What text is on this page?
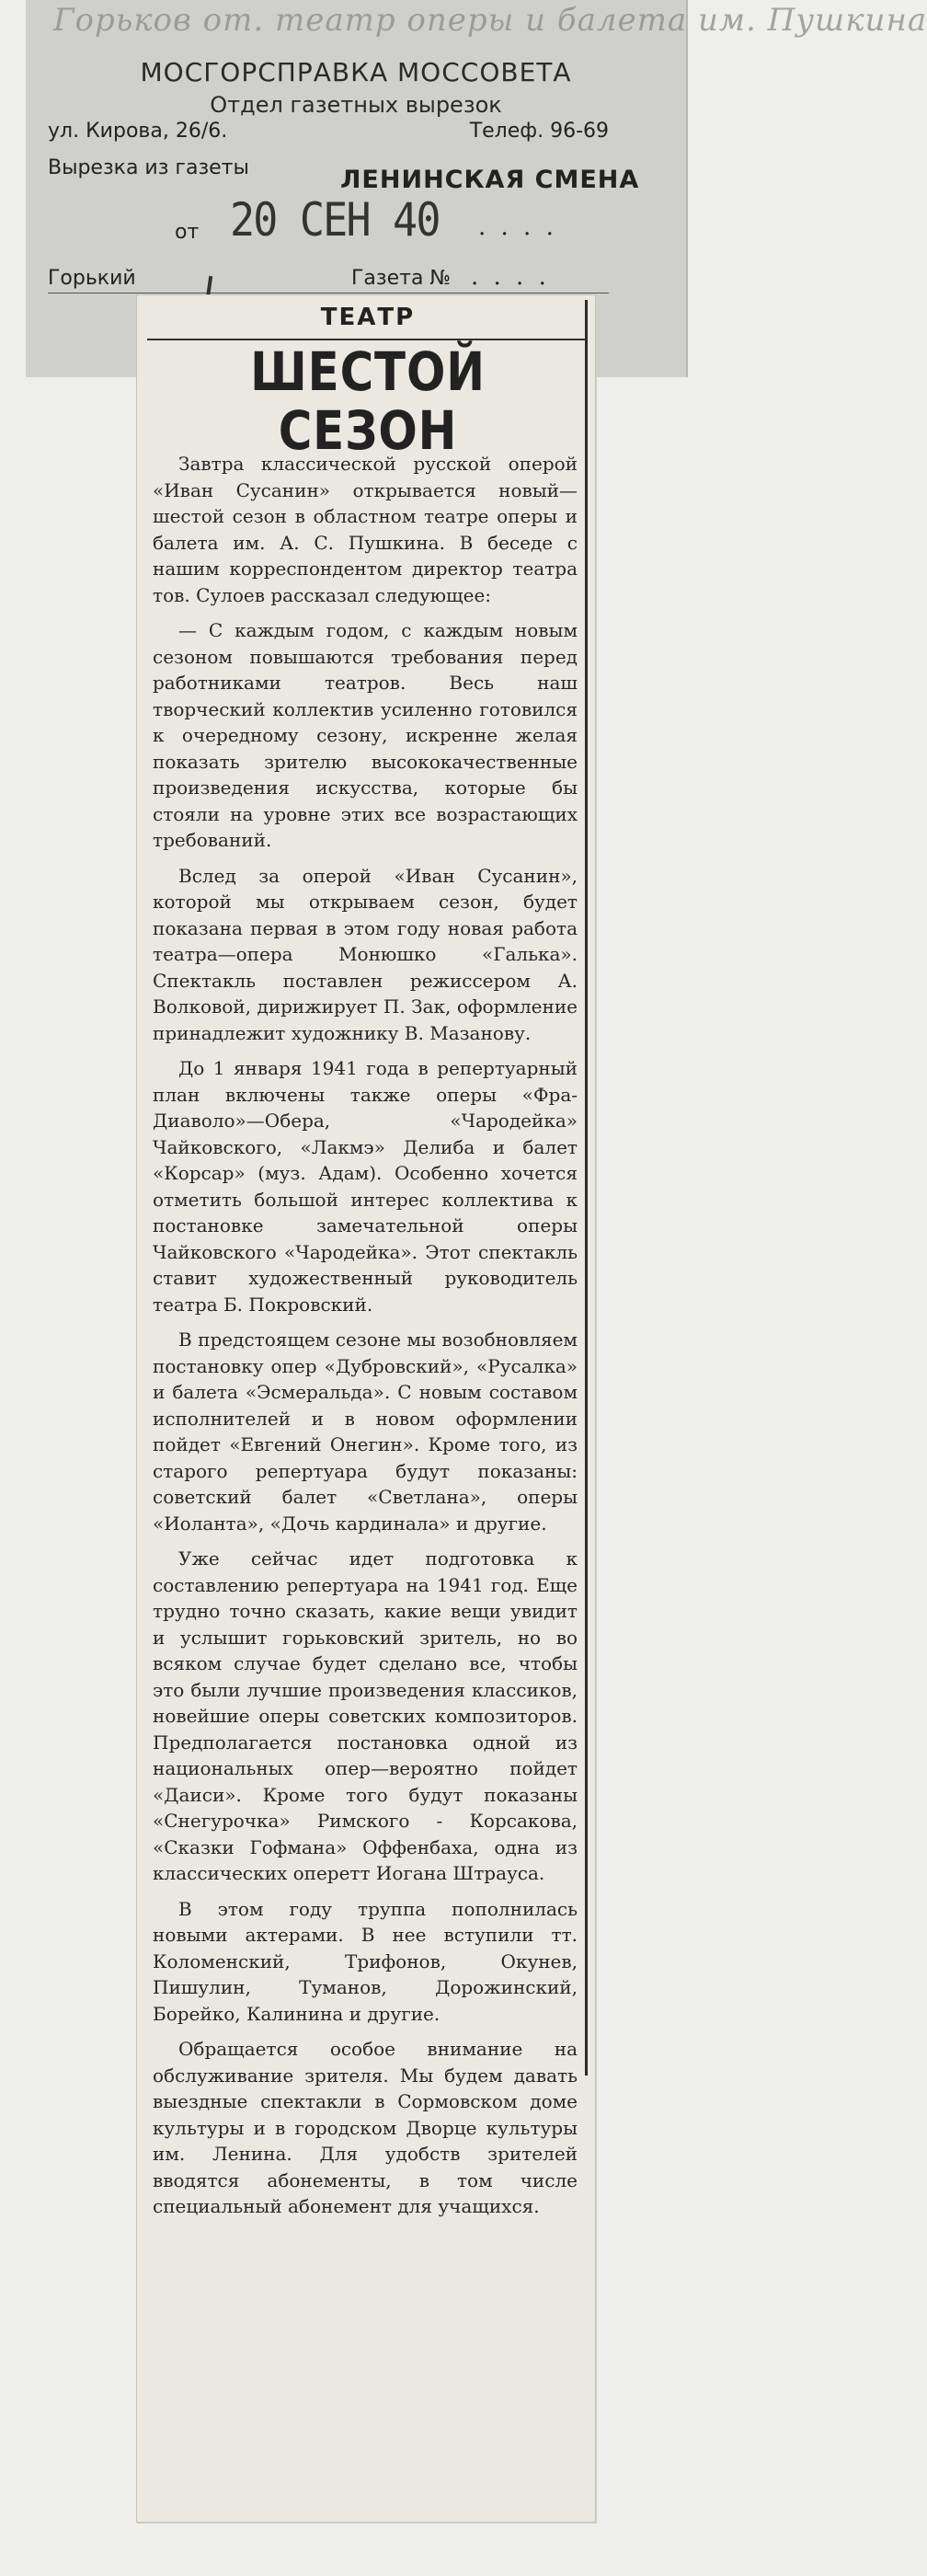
Горьков от. театр оперы и балета им. Пушкина
МОСГОРСПРАВКА МОССОВЕТА
Отдел газетных вырезок
ул. Кирова, 26/6.	Телеф. 96-69
Вырезка из газеты	ЛЕНИНСКАЯ СМЕНА
от 20 СЕН 40 . . . .
Горький	Газета № . . . .
ТЕАТР
ШЕСТОЙ
СЕЗОН

Завтра классической русской оперой «Иван Сусанин» открывается новый—шестой сезон в областном театре оперы и балета им. А. С. Пушкина. В беседе с нашим корреспондентом директор театра тов. Сулоев рассказал следующее:

— С каждым годом, с каждым новым сезоном повышаются требования перед работниками театров. Весь наш творческий коллектив усиленно готовился к очередному сезону, искренне желая показать зрителю высококачественные произведения искусства, которые бы стояли на уровне этих все возрастающих требований.

Вслед за оперой «Иван Сусанин», которой мы открываем сезон, будет показана первая в этом году новая работа театра—опера Монюшко «Галька». Спектакль поставлен режиссером А. Волковой, дирижирует П. Зак, оформление принадлежит художнику В. Мазанову.

До 1 января 1941 года в репертуарный план включены также оперы «Фра-Диаволо»—Обера, «Чародейка» Чайковского, «Лакмэ» Делиба и балет «Корсар» (муз. Адам). Особенно хочется отметить большой интерес коллектива к постановке замечательной оперы Чайковского «Чародейка». Этот спектакль ставит художественный руководитель театра Б. Покровский.

В предстоящем сезоне мы возобновляем постановку опер «Дубровский», «Русалка» и балета «Эсмеральда». С новым составом исполнителей и в новом оформлении пойдет «Евгений Онегин». Кроме того, из старого репертуара будут показаны: советский балет «Светлана», оперы «Иоланта», «Дочь кардинала» и другие.

Уже сейчас идет подготовка к составлению репертуара на 1941 год. Еще трудно точно сказать, какие вещи увидит и услышит горьковский зритель, но во всяком случае будет сделано все, чтобы это были лучшие произведения классиков, новейшие оперы советских композиторов. Предполагается постановка одной из национальных опер—вероятно пойдет «Даиси». Кроме того будут показаны «Снегурочка» Римского - Корсакова, «Сказки Гофмана» Оффенбаха, одна из классических оперетт Иогана Штрауса.

В этом году труппа пополнилась новыми актерами. В нее вступили тт. Коломенский, Трифонов, Окунев, Пишулин, Туманов, Дорожинский, Борейко, Калинина и другие.

Обращается особое внимание на обслуживание зрителя. Мы будем давать выездные спектакли в Сормовском доме культуры и в городском Дворце культуры им. Ленина. Для удобств зрителей вводятся абонементы, в том числе специальный абонемент для учащихся.
